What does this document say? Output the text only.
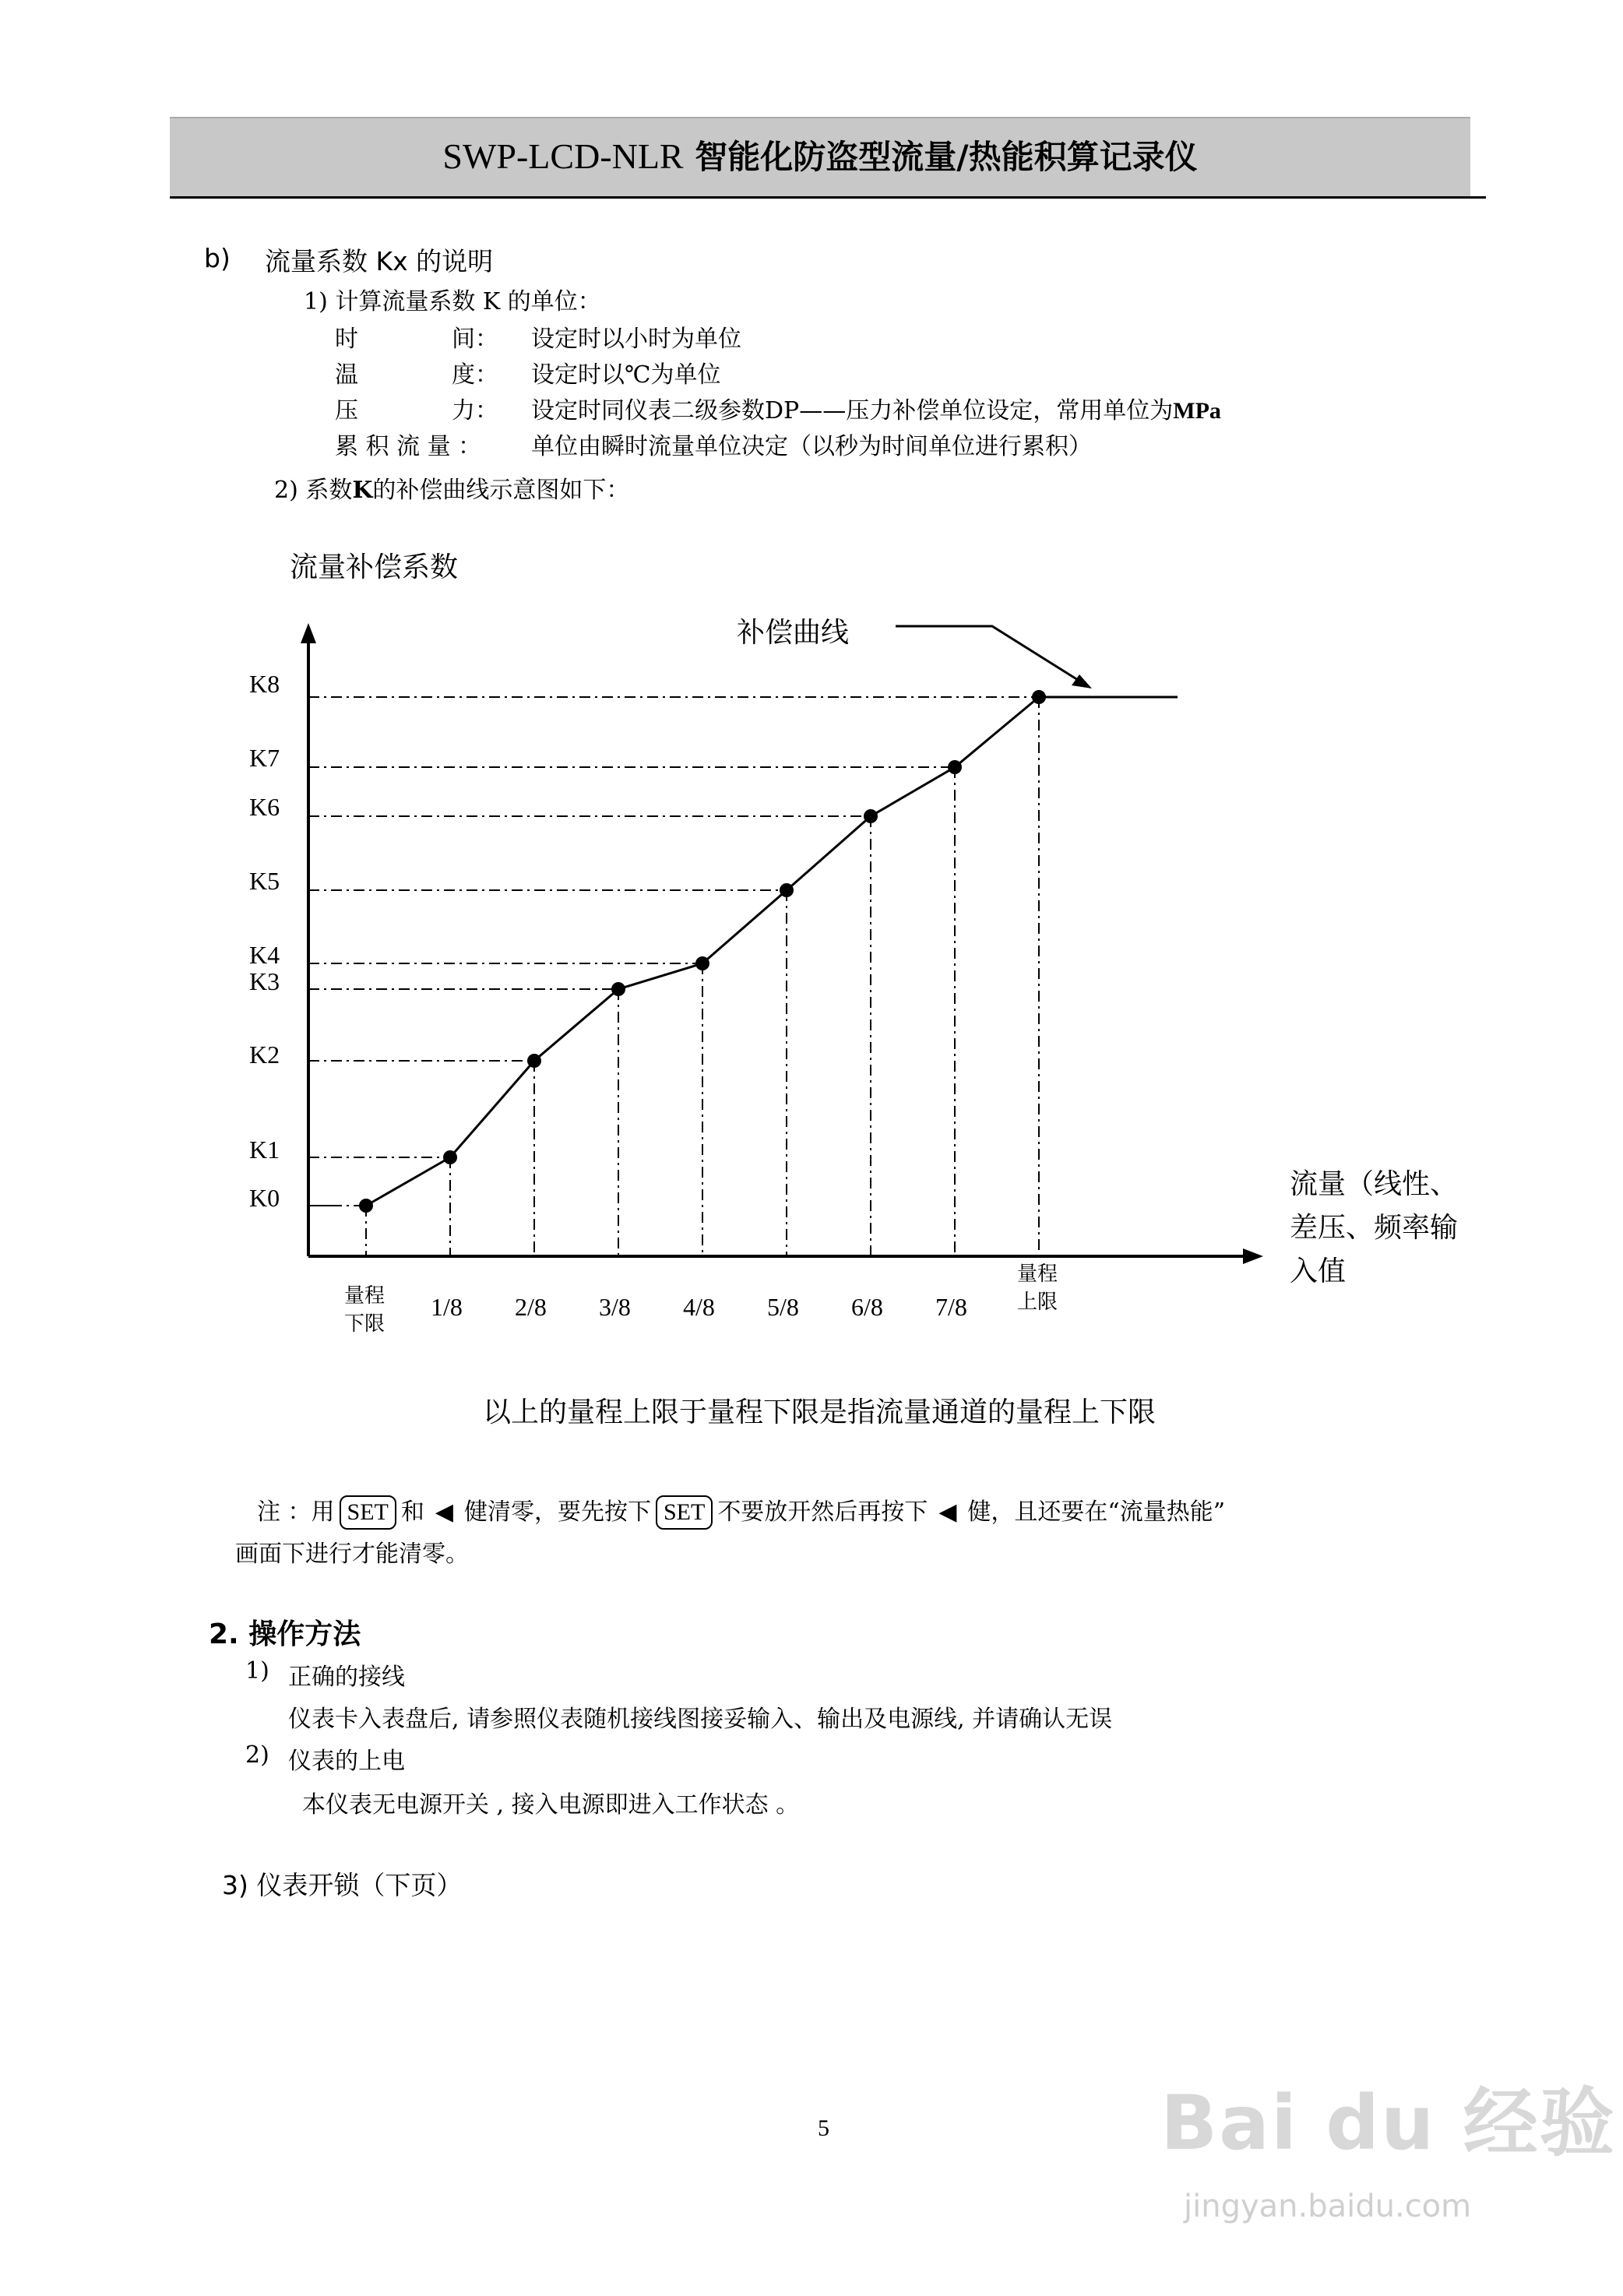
SWP-LCD-NLR 智能化防盗型流量/热能积算记录仪
b) 流量系数 Kx 的说明
1) 计算流量系数 K 的单位：
时　　　　间： 设定时以小时为单位
温　　　　度： 设定时以℃为单位
压　　　　力： 设定时同仪表二级参数DP——压力补偿单位设定，常用单位为MPa
累 积 流 量 ： 单位由瞬时流量单位决定（以秒为时间单位进行累积）
2) 系数K的补偿曲线示意图如下：
流量补偿系数
补偿曲线
流量（线性、
差压、频率输
入值
K0
K1
K2
K3
K4
K5
K6
K7
K8
量程
下限
1/8 2/8 3/8 4/8 5/8 6/8 7/8
量程
上限
以上的量程上限于量程下限是指流量通道的量程上下限
注 ：用 SET 和 ◀ 健清零，要先按下 SET 不要放开然后再按下 ◀ 健，且还要在“流量热能”
画面下进行才能清零。
2. 操作方法
1) 正确的接线
仪表卡入表盘后, 请参照仪表随机接线图接妥输入、输出及电源线, 并请确认无误
2) 仪表的上电
本仪表无电源开关 , 接入电源即进入工作状态 。
3) 仪表开锁（下页）
5	Bai du 经验
jingyan.baidu.com
